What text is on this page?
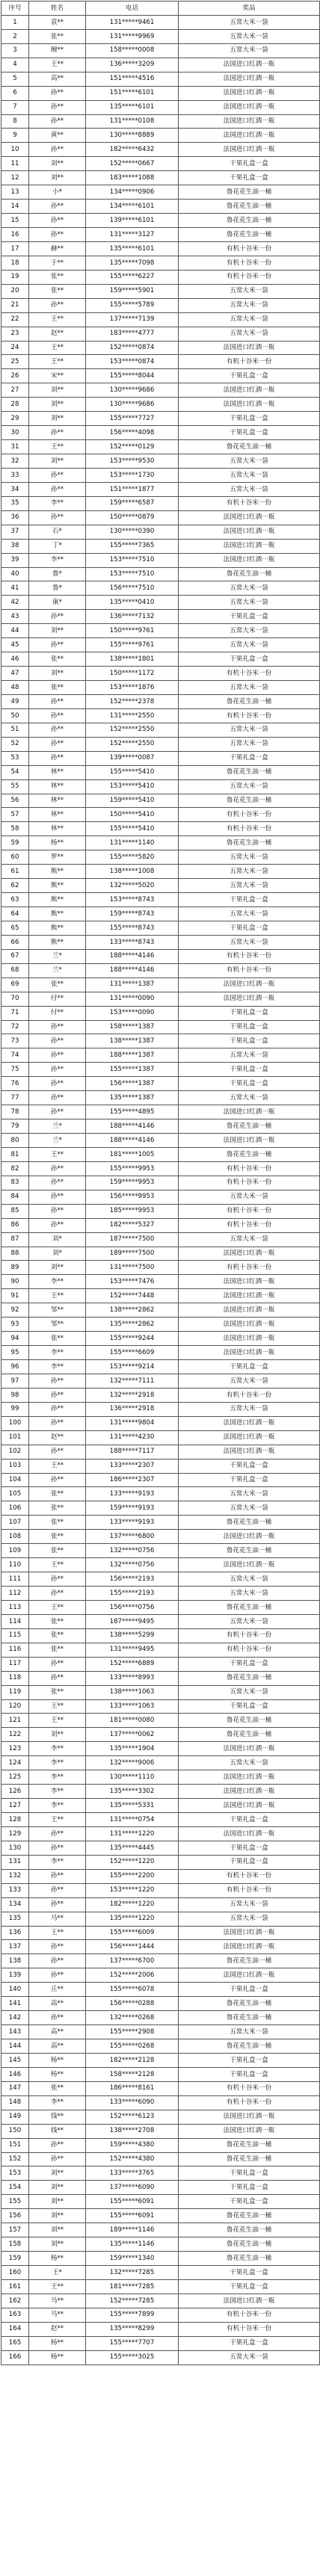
序号	姓名	电话	奖品
1	袁**	131*****9461	五常大米一袋
2	张**	131*****9969	五常大米一袋
3	檀**	158*****0008	五常大米一袋
4	王**	136*****3209	法国进口红酒一瓶
5	高**	151*****4516	法国进口红酒一瓶
6	孙**	151*****6101	法国进口红酒一瓶
7	孙**	135*****6101	法国进口红酒一瓶
8	孙**	131*****0108	法国进口红酒一瓶
9	黄**	130*****8889	法国进口红酒一瓶
10	孙**	182*****6432	法国进口红酒一瓶
11	刘**	152*****0667	干果礼盒一盒
12	刘**	183*****1088	干果礼盒一盒
13	小*	134*****0906	鲁花花生油一桶
14	孙**	134*****6101	鲁花花生油一桶
15	孙**	139*****6101	鲁花花生油一桶
16	孙**	131*****3127	鲁花花生油一桶
17	赫**	135*****6101	有机十谷米一份
18	于**	135*****7098	有机十谷米一份
19	张**	155*****6227	有机十谷米一份
20	张**	159*****5901	五常大米一袋
21	孙**	155*****5789	五常大米一袋
22	王**	137*****7139	五常大米一袋
23	赵**	183*****4777	五常大米一袋
24	王**	152*****0874	法国进口红酒一瓶
25	王**	153*****0874	有机十谷米一份
26	宋**	155*****8044	干果礼盒一盒
27	刘**	130*****9686	法国进口红酒一瓶
28	刘**	130*****9686	法国进口红酒一瓶
29	刘**	155*****7727	干果礼盒一盒
30	孙**	156*****4098	干果礼盒一盒
31	王**	152*****0129	鲁花花生油一桶
32	刘**	153*****9530	五常大米一袋
33	孙**	153*****1730	五常大米一袋
34	孙**	151*****1877	五常大米一袋
35	李**	159*****6587	有机十谷米一份
36	孙**	150*****0879	法国进口红酒一瓶
37	石*	130*****0390	法国进口红酒一瓶
38	丁*	155*****7365	法国进口红酒一瓶
39	李**	153*****7510	法国进口红酒一瓶
40	鲁*	153*****7510	鲁花花生油一桶
41	鲁*	156*****7510	五常大米一袋
42	康*	135*****0410	五常大米一袋
43	孙**	136*****7132	干果礼盒一盒
44	刘**	150*****9761	五常大米一袋
45	孙**	155*****9761	五常大米一袋
46	张**	138*****1801	干果礼盒一盒
47	刘**	150*****1172	有机十谷米一份
48	张**	153*****1876	五常大米一袋
49	孙**	152*****2378	鲁花花生油一桶
50	孙**	131*****2550	有机十谷米一份
51	孙**	152*****2550	五常大米一袋
52	孙**	152*****2550	五常大米一袋
53	孙**	139*****0087	干果礼盒一盒
54	林**	155*****5410	鲁花花生油一桶
55	林**	153*****5410	五常大米一袋
56	林**	159*****5410	鲁花花生油一桶
57	林**	150*****5410	有机十谷米一份
58	林**	155*****5410	有机十谷米一份
59	杨**	131*****1140	鲁花花生油一桶
60	罗**	155*****5820	五常大米一袋
61	熊**	138*****1008	五常大米一袋
62	熊**	132*****5020	五常大米一袋
63	熊**	153*****8743	干果礼盒一盒
64	熊**	159*****8743	五常大米一袋
65	熊**	155*****8743	干果礼盒一盒
66	熊**	133*****8743	五常大米一袋
67	兰*	188*****4146	有机十谷米一份
68	兰*	188*****4146	有机十谷米一份
69	张**	131*****1387	法国进口红酒一瓶
70	付**	131*****0090	法国进口红酒一瓶
71	付**	153*****0090	干果礼盒一盒
72	孙**	158*****1387	干果礼盒一盒
73	孙**	138*****1387	干果礼盒一盒
74	孙**	188*****1387	五常大米一袋
75	孙**	155*****1387	干果礼盒一盒
76	孙**	156*****1387	干果礼盒一盒
77	孙**	135*****1387	五常大米一袋
78	孙**	155*****4895	法国进口红酒一瓶
79	兰*	188*****4146	鲁花花生油一桶
80	兰*	188*****4146	法国进口红酒一瓶
81	王**	181*****1005	鲁花花生油一桶
82	孙**	155*****9953	有机十谷米一份
83	孙**	159*****9953	有机十谷米一份
84	孙**	156*****9953	五常大米一袋
85	孙**	185*****9953	有机十谷米一份
86	孙**	182*****5327	有机十谷米一份
87	刘*	187*****7500	五常大米一袋
88	刘*	189*****7500	法国进口红酒一瓶
89	刘**	131*****7500	有机十谷米一份
90	李**	153*****7476	法国进口红酒一瓶
91	王**	152*****7448	法国进口红酒一瓶
92	邹**	138*****2862	法国进口红酒一瓶
93	邹**	135*****2862	法国进口红酒一瓶
94	张**	155*****9244	法国进口红酒一瓶
95	李**	155*****6609	法国进口红酒一瓶
96	李**	153*****9214	干果礼盒一盒
97	孙**	132*****7111	五常大米一袋
98	孙**	132*****2918	有机十谷米一份
99	孙**	136*****2918	五常大米一袋
100	孙**	131*****9804	法国进口红酒一瓶
101	赵**	131*****4230	法国进口红酒一瓶
102	孙**	188*****7117	法国进口红酒一瓶
103	王**	133*****2307	干果礼盒一盒
104	孙**	186*****2307	干果礼盒一盒
105	张**	133*****9193	五常大米一袋
106	张**	159*****9193	五常大米一袋
107	张**	133*****9193	鲁花花生油一桶
108	张**	137*****6800	法国进口红酒一瓶
109	张**	132*****0756	鲁花花生油一桶
110	王**	132*****0756	法国进口红酒一瓶
111	孙**	156*****2193	五常大米一袋
112	孙**	155*****2193	五常大米一袋
113	王**	156*****0756	鲁花花生油一桶
114	张**	187*****9495	五常大米一袋
115	张**	138*****5299	有机十谷米一份
116	张**	131*****9495	有机十谷米一份
117	孙**	152*****6889	干果礼盒一盒
118	孙**	133*****8993	鲁花花生油一桶
119	张**	138*****1063	五常大米一袋
120	王**	133*****1063	干果礼盒一盒
121	王**	181*****0080	鲁花花生油一桶
122	刘**	137*****0062	鲁花花生油一桶
123	李**	135*****1904	法国进口红酒一瓶
124	李**	132*****9006	五常大米一袋
125	李**	130*****1110	法国进口红酒一瓶
126	李**	135*****3302	法国进口红酒一瓶
127	李**	135*****5331	法国进口红酒一瓶
128	王**	131*****0754	干果礼盒一盒
129	孙**	131*****1220	法国进口红酒一瓶
130	孙**	135*****4445	干果礼盒一盒
131	李**	152*****1220	干果礼盒一盒
132	孙**	155*****2200	有机十谷米一份
133	孙**	153*****1220	有机十谷米一份
134	孙**	182*****1220	五常大米一袋
135	马**	135*****1220	五常大米一袋
136	王**	155*****6009	法国进口红酒一瓶
137	孙**	156*****1444	法国进口红酒一瓶
138	孙**	137*****6700	鲁花花生油一桶
139	孙**	152*****2006	法国进口红酒一瓶
140	丘**	155*****6078	干果礼盒一盒
141	高**	156*****0288	鲁花花生油一桶
142	孙**	132*****0268	鲁花花生油一桶
143	高**	155*****2908	五常大米一袋
144	高**	155*****0268	鲁花花生油一桶
145	杨**	182*****2128	干果礼盒一盒
146	杨**	158*****2128	干果礼盒一盒
147	张**	186*****8161	有机十谷米一份
148	李**	133*****6090	有机十谷米一份
149	钱**	152*****6123	法国进口红酒一瓶
150	钱**	138*****2708	法国进口红酒一瓶
151	孙**	159*****4380	鲁花花生油一桶
152	孙**	152*****4380	鲁花花生油一桶
153	刘**	133*****3765	干果礼盒一盒
154	刘**	137*****6090	干果礼盒一盒
155	刘**	155*****6091	干果礼盒一盒
156	刘**	155*****6091	鲁花花生油一桶
157	刘**	189*****1146	鲁花花生油一桶
158	刘**	135*****1146	鲁花花生油一桶
159	杨**	159*****1340	鲁花花生油一桶
160	王*	132*****7285	干果礼盒一盒
161	王**	181*****7285	干果礼盒一盒
162	马**	152*****7285	法国进口红酒一瓶
163	马**	155*****7899	有机十谷米一份
164	赵**	135*****8299	有机十谷米一份
165	杨**	155*****7707	干果礼盒一盒
166	杨**	155*****3025	五常大米一袋
